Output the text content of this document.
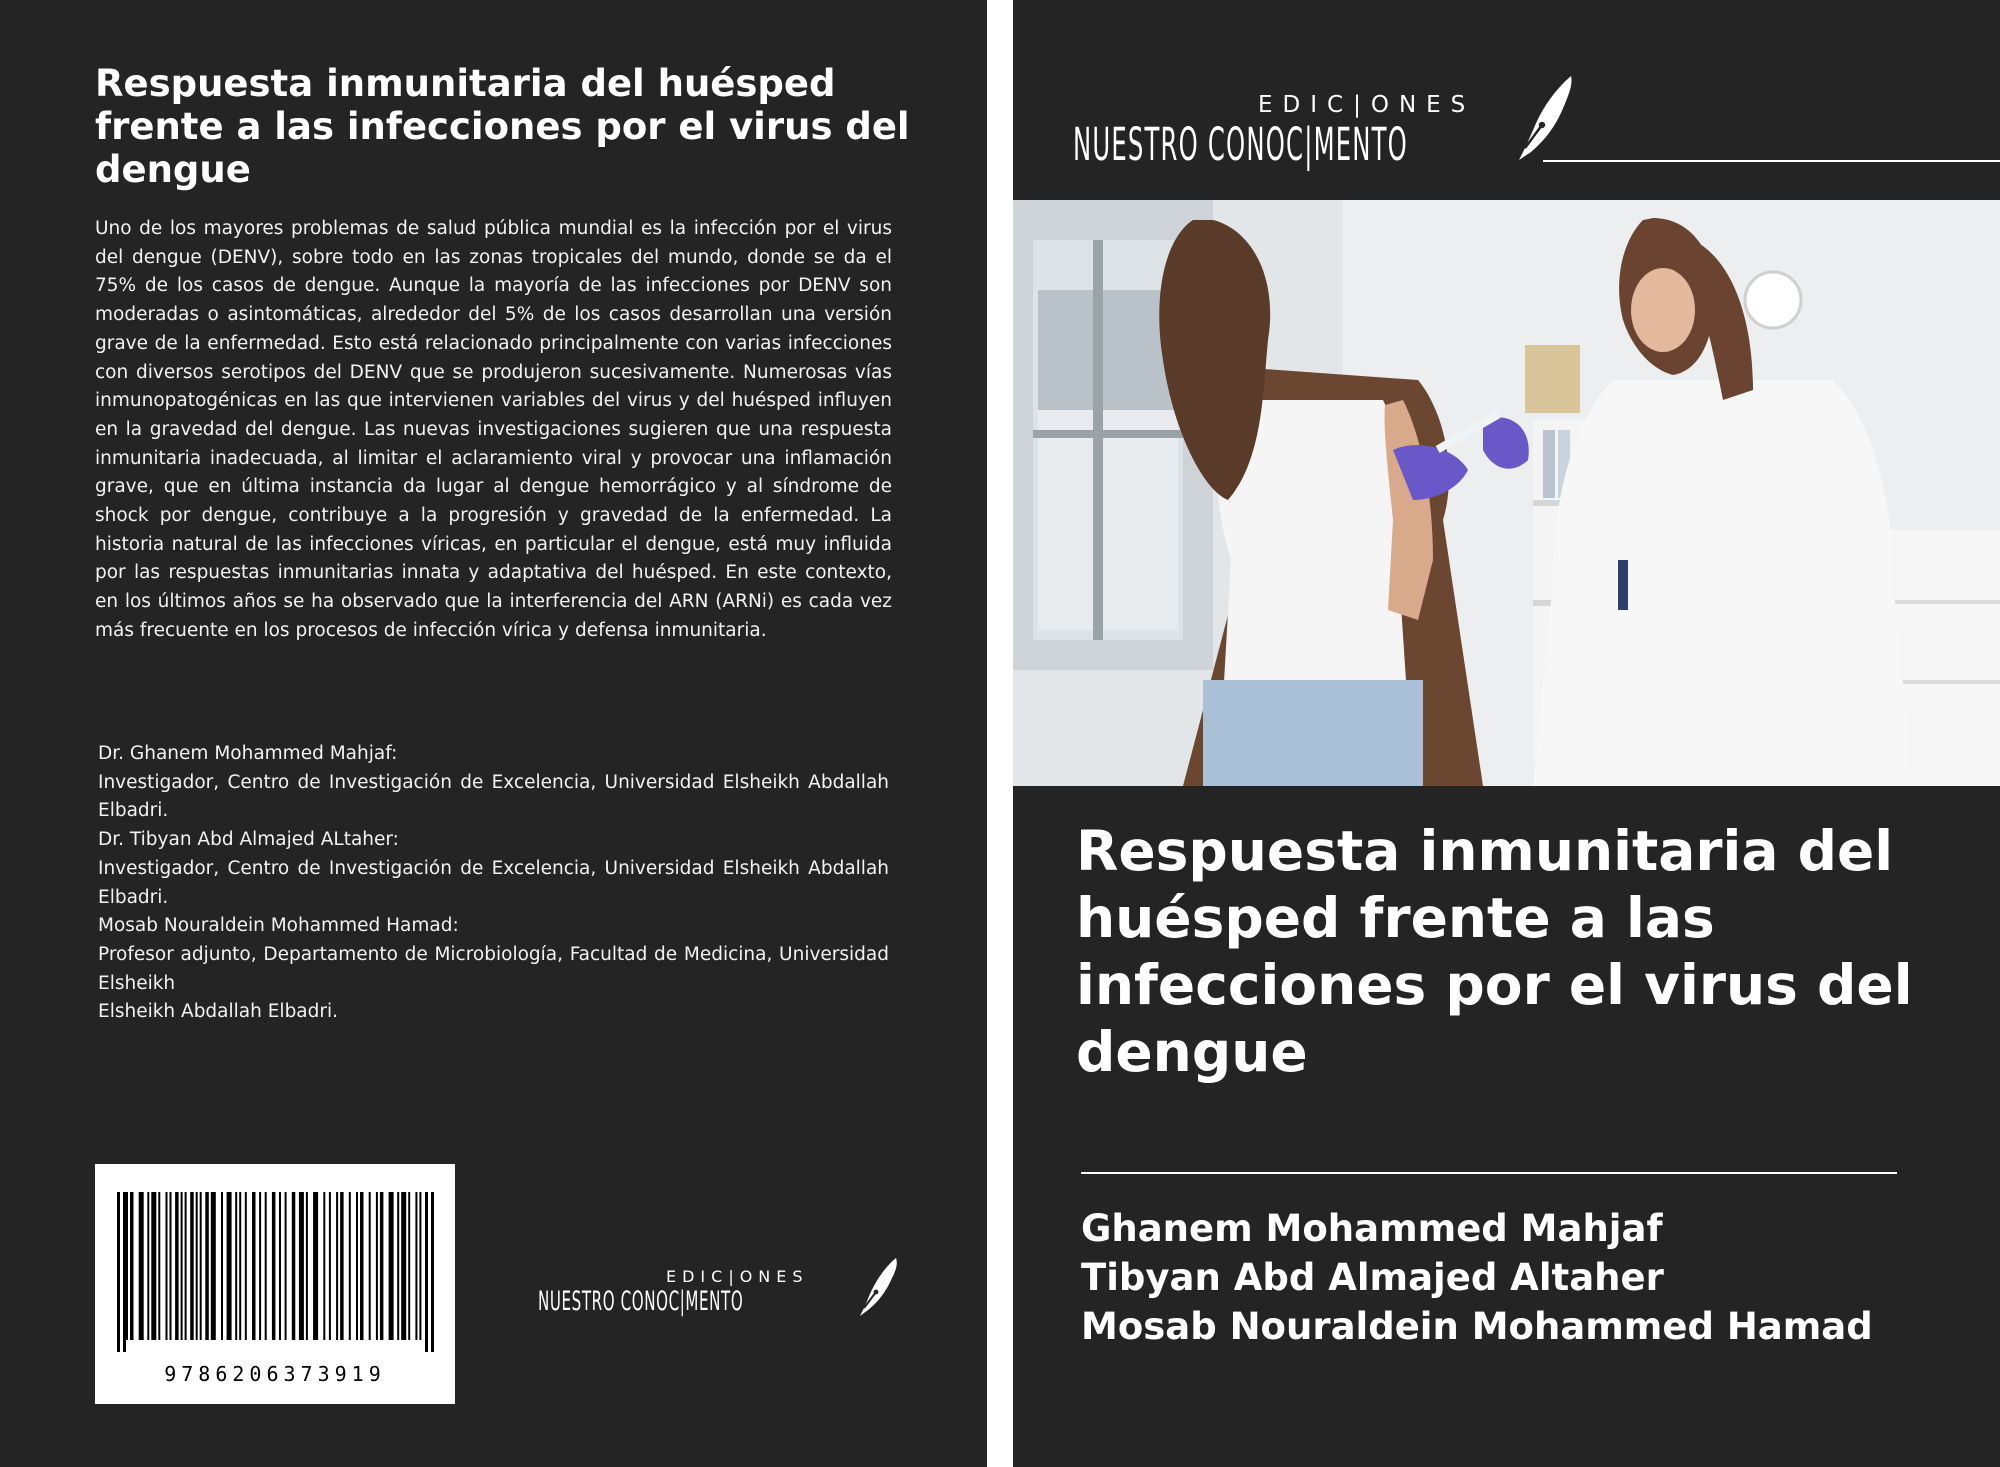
Respuesta inmunitaria del huésped frente a las infecciones por el virus del dengue

Uno de los mayores problemas de salud pública mundial es la infección por el virus del dengue (DENV), sobre todo en las zonas tropicales del mundo, donde se da el 75% de los casos de dengue. Aunque la mayoría de las infecciones por DENV son moderadas o asintomáticas, alrededor del 5% de los casos desarrollan una versión grave de la enfermedad. Esto está relacionado principalmente con varias infecciones con diversos serotipos del DENV que se produjeron sucesivamente. Numerosas vías inmunopatogénicas en las que intervienen variables del virus y del huésped influyen en la gravedad del dengue. Las nuevas investigaciones sugieren que una respuesta inmunitaria inadecuada, al limitar el aclaramiento viral y provocar una inflamación grave, que en última instancia da lugar al dengue hemorrágico y al síndrome de shock por dengue, contribuye a la progresión y gravedad de la enfermedad. La historia natural de las infecciones víricas, en particular el dengue, está muy influida por las respuestas inmunitarias innata y adaptativa del huésped. En este contexto, en los últimos años se ha observado que la interferencia del ARN (ARNi) es cada vez más frecuente en los procesos de infección vírica y defensa inmunitaria.

Dr. Ghanem Mohammed Mahjaf:
Investigador, Centro de Investigación de Excelencia, Universidad Elsheikh Abdallah Elbadri.
Dr. Tibyan Abd Almajed ALtaher:
Investigador, Centro de Investigación de Excelencia, Universidad Elsheikh Abdallah Elbadri.
Mosab Nouraldein Mohammed Hamad:
Profesor adjunto, Departamento de Microbiología, Facultad de Medicina, Universidad Elsheikh
Elsheikh Abdallah Elbadri.
9786206373919
EDIC|ONES
NUESTRO CONOC|MENTO
EDIC|ONES
NUESTRO CONOC|MENTO
Respuesta inmunitaria del huésped frente a las infecciones por el virus del dengue
Ghanem Mohammed Mahjaf
Tibyan Abd Almajed Altaher
Mosab Nouraldein Mohammed Hamad
